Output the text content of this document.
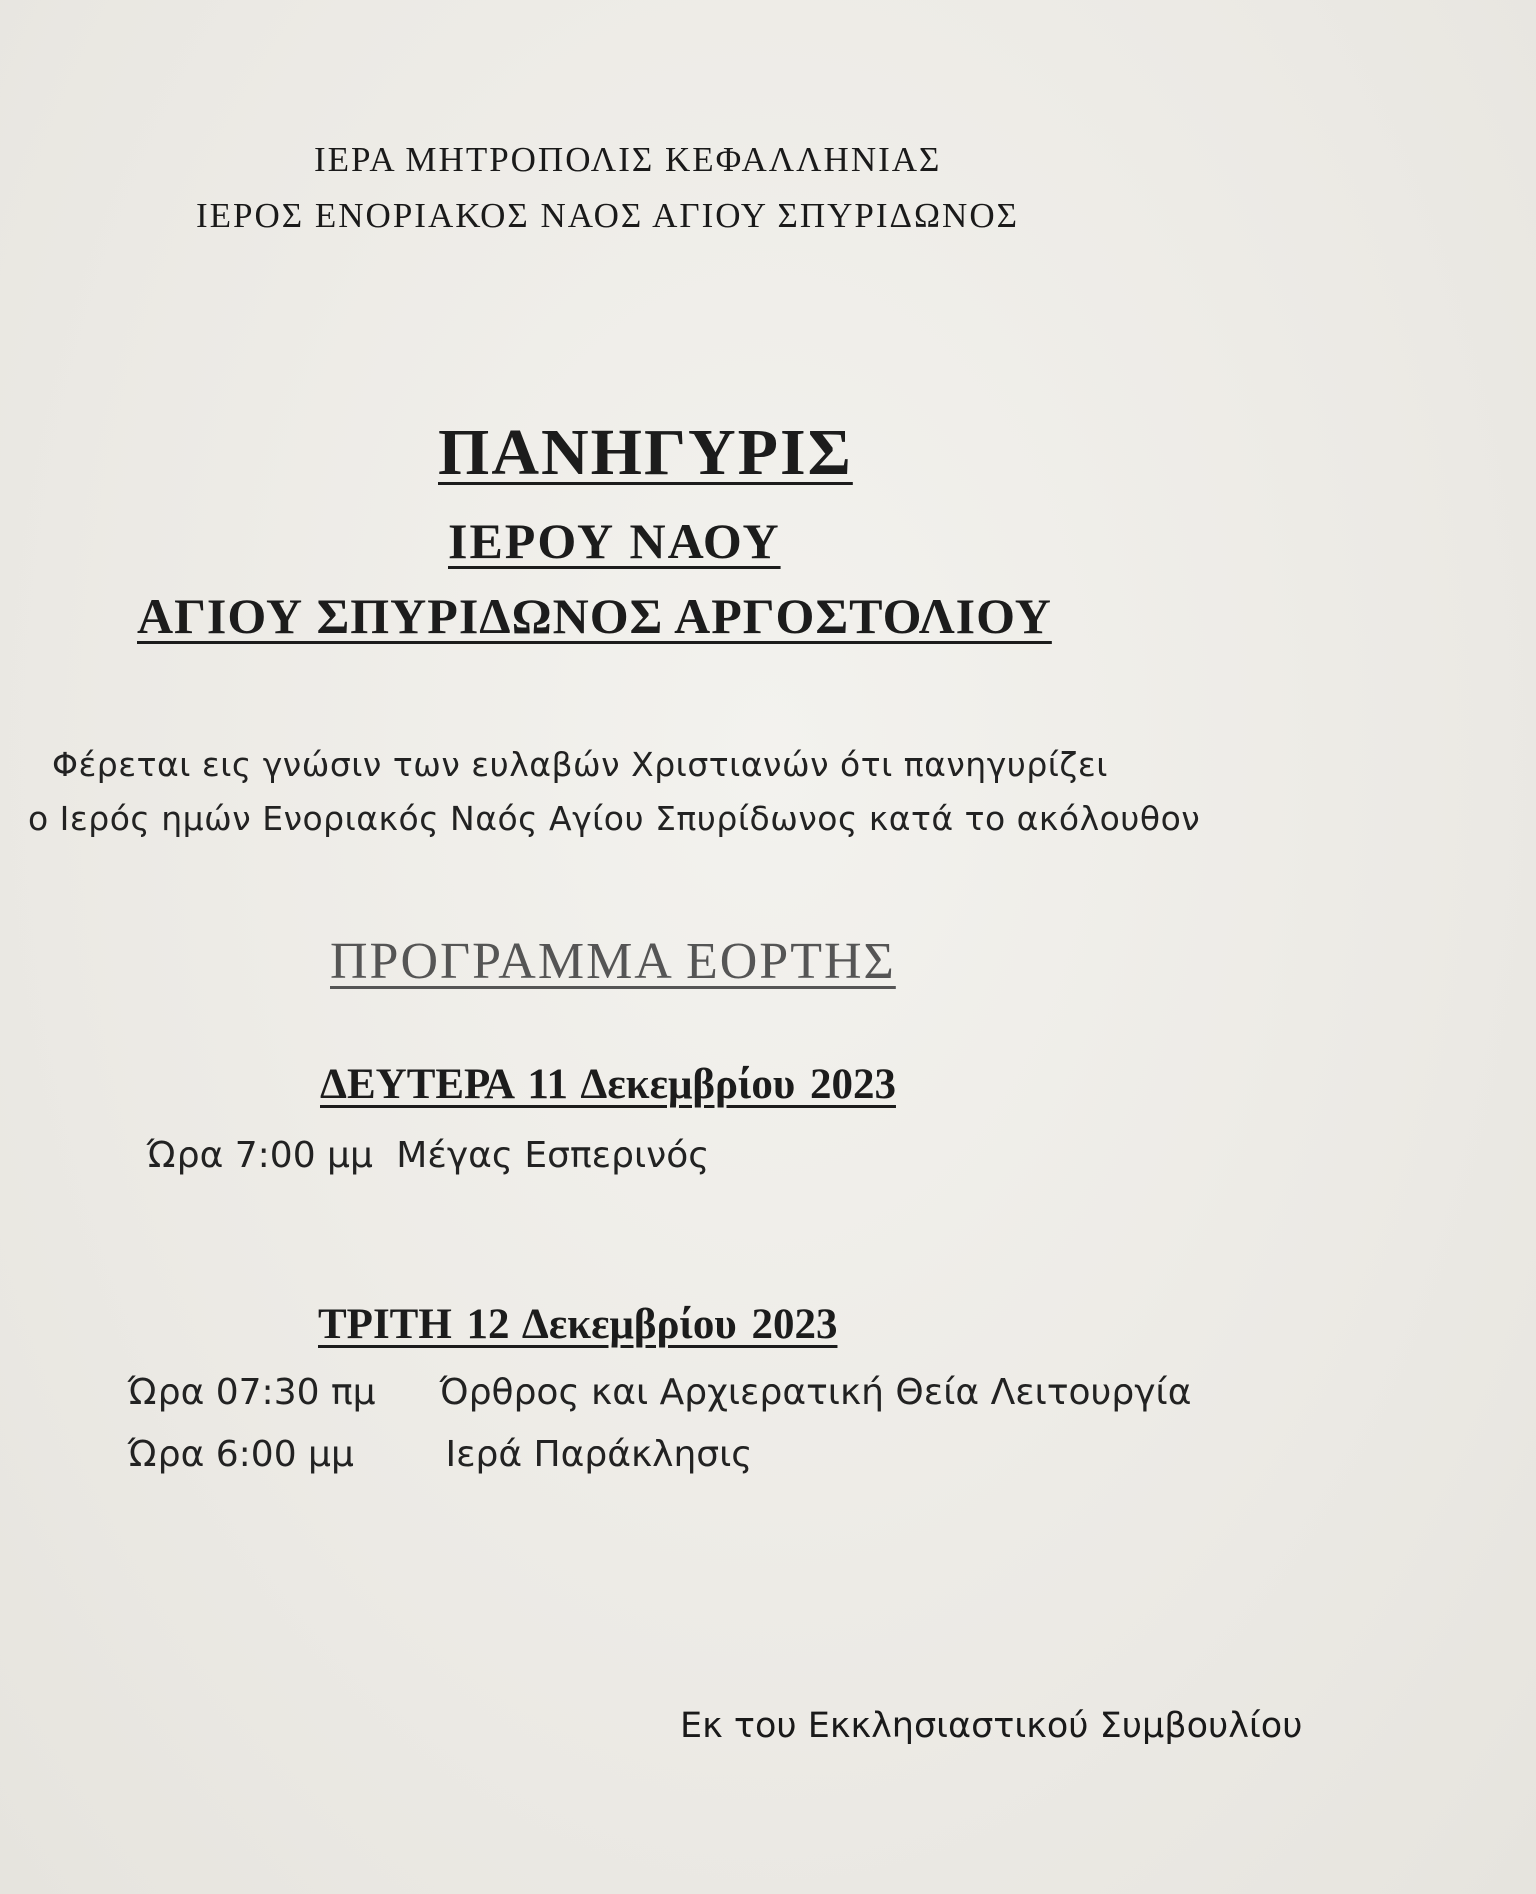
ΙΕΡΑ ΜΗΤΡΟΠΟΛΙΣ ΚΕΦΑΛΛΗΝΙΑΣ
ΙΕΡΟΣ ΕΝΟΡΙΑΚΟΣ ΝΑΟΣ ΑΓΙΟΥ ΣΠΥΡΙΔΩΝΟΣ
ΠΑΝΗΓΥΡΙΣ
ΙΕΡΟΥ ΝΑΟΥ
ΑΓΙΟΥ ΣΠΥΡΙΔΩΝΟΣ ΑΡΓΟΣΤΟΛΙΟΥ
Φέρεται εις γνώσιν των ευλαβών Χριστιανών ότι πανηγυρίζει
ο Ιερός ημών Ενοριακός Ναός Αγίου Σπυρίδωνος κατά το ακόλουθον
ΠΡΟΓΡΑΜΜΑ ΕΟΡΤΗΣ
ΔΕΥΤΕΡΑ 11 Δεκεμβρίου 2023
Ώρα 7:00 μμ Μέγας Εσπερινός
ΤΡΙΤΗ 12 Δεκεμβρίου 2023
Ώρα 07:30 πμ Όρθρος και Αρχιερατική Θεία Λειτουργία
Ώρα 6:00 μμ	Ιερά Παράκλησις
Εκ του Εκκλησιαστικού Συμβουλίου
